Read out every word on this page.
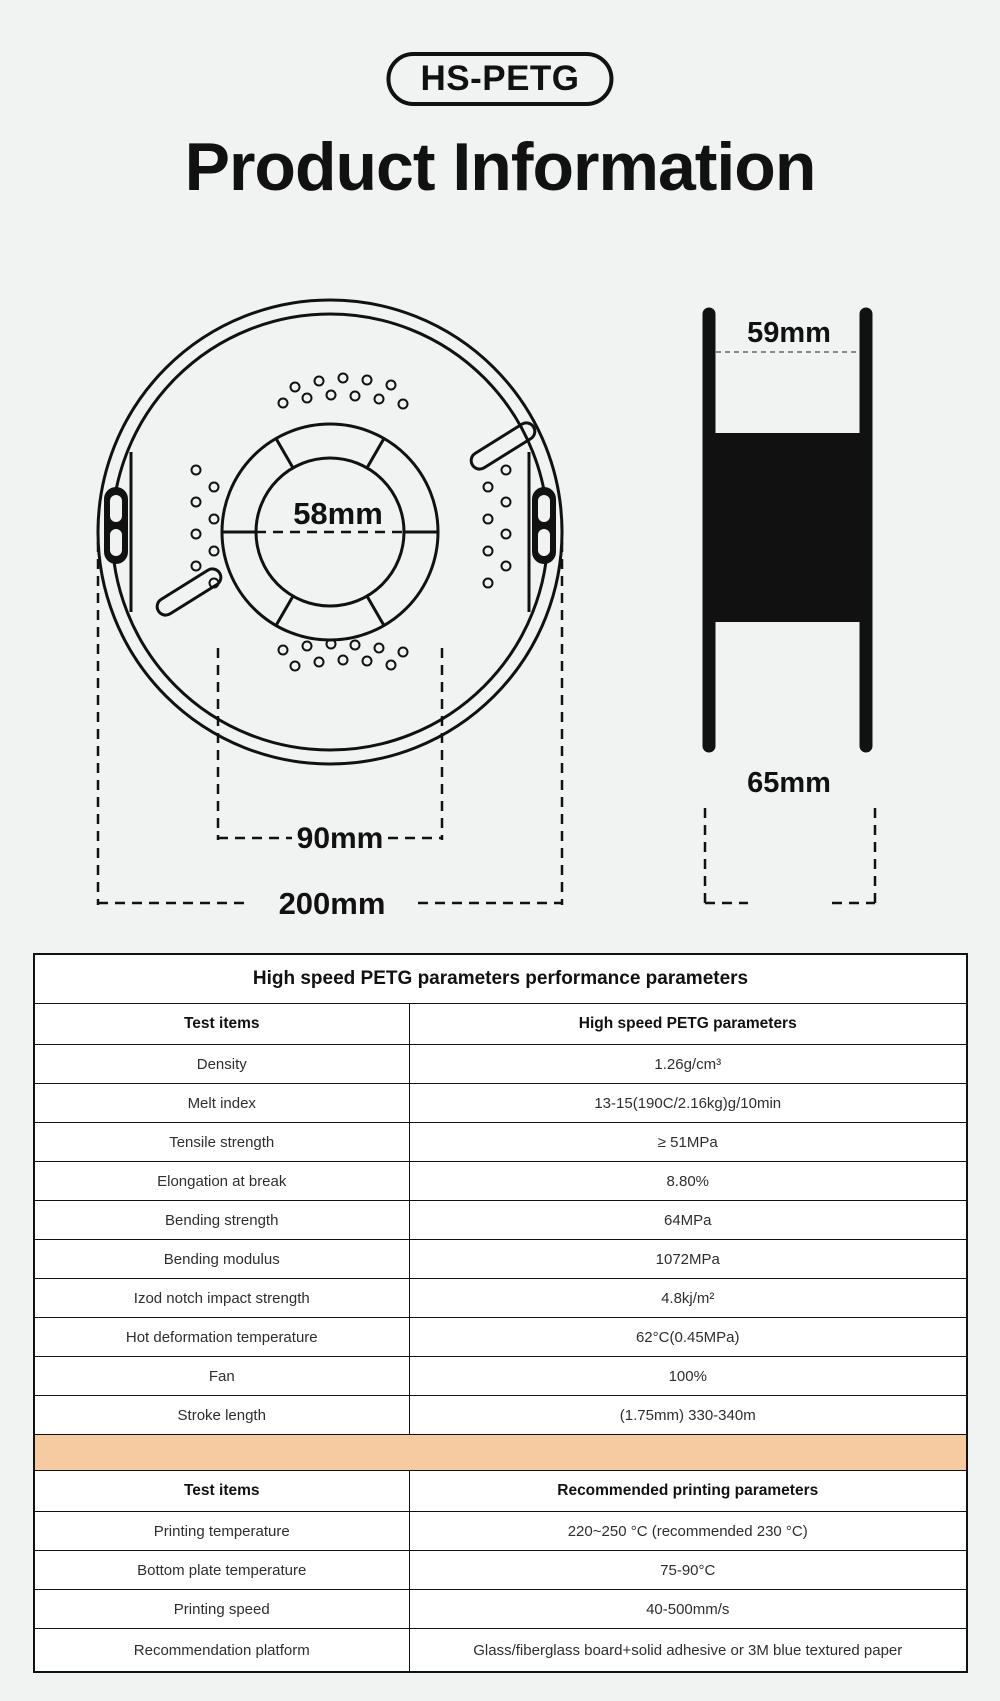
HS-PETG
Product Information
58mm
90mm
200mm
59mm
65mm
High speed PETG parameters performance parameters	
Test items	High speed PETG parameters
Density	1.26g/cm³
Melt index	13-15(190C/2.16kg)g/10min
Tensile strength	≥ 51MPa
Elongation at break	8.80%
Bending strength	64MPa
Bending modulus	1072MPa
Izod notch impact strength	4.8kj/m²
Hot deformation temperature	62°C(0.45MPa)
Fan	100%
Stroke length	(1.75mm) 330-340m

Test items	Recommended printing parameters
Printing temperature	220~250 °C (recommended 230 °C)
Bottom plate temperature	75-90°C
Printing speed	40-500mm/s
Recommendation platform	Glass/fiberglass board+solid adhesive or 3M blue textured paper
